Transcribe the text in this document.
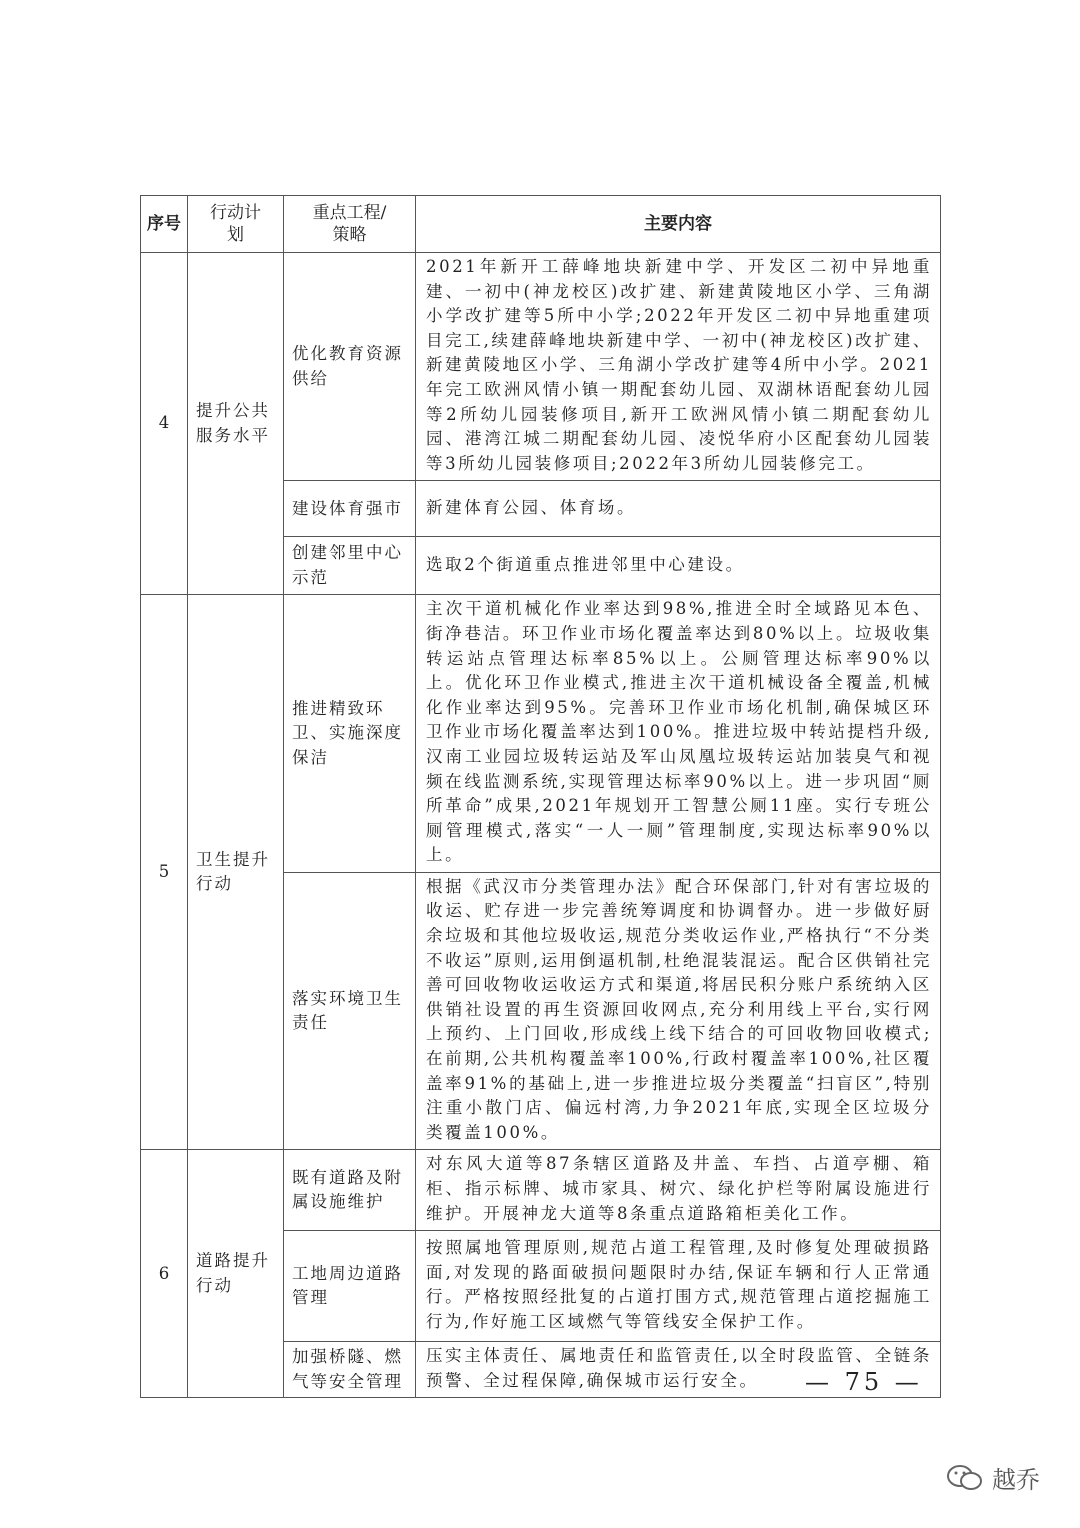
序号	行动计划	重点工程/策略	主要内容
4	提升公共服务水平	优化教育资源供给	2021年新开工薛峰地块新建中学、开发区二初中异地重建、一初中(神龙校区)改扩建、新建黄陵地区小学、三角湖小学改扩建等5所中小学;2022年开发区二初中异地重建项目完工,续建薛峰地块新建中学、一初中(神龙校区)改扩建、新建黄陵地区小学、三角湖小学改扩建等4所中小学。2021年完工欧洲风情小镇一期配套幼儿园、双湖林语配套幼儿园等2所幼儿园装修项目,新开工欧洲风情小镇二期配套幼儿园、港湾江城二期配套幼儿园、凌悦华府小区配套幼儿园装等3所幼儿园装修项目;2022年3所幼儿园装修完工。
		建设体育强市	新建体育公园、体育场。
		创建邻里中心示范	选取2个街道重点推进邻里中心建设。
5	卫生提升行动	推进精致环卫、实施深度保洁	主次干道机械化作业率达到98%,推进全时全域路见本色、街净巷洁。环卫作业市场化覆盖率达到80%以上。垃圾收集转运站点管理达标率85%以上。公厕管理达标率90%以上。优化环卫作业模式,推进主次干道机械设备全覆盖,机械化作业率达到95%。完善环卫作业市场化机制,确保城区环卫作业市场化覆盖率达到100%。推进垃圾中转站提档升级,汉南工业园垃圾转运站及军山凤凰垃圾转运站加装臭气和视频在线监测系统,实现管理达标率90%以上。进一步巩固“厕所革命”成果,2021年规划开工智慧公厕11座。实行专班公厕管理模式,落实“一人一厕”管理制度,实现达标率90%以上。
		落实环境卫生责任	根据《武汉市分类管理办法》配合环保部门,针对有害垃圾的收运、贮存进一步完善统筹调度和协调督办。进一步做好厨余垃圾和其他垃圾收运,规范分类收运作业,严格执行“不分类不收运”原则,运用倒逼机制,杜绝混装混运。配合区供销社完善可回收物收运收运方式和渠道,将居民积分账户系统纳入区供销社设置的再生资源回收网点,充分利用线上平台,实行网上预约、上门回收,形成线上线下结合的可回收物回收模式;在前期,公共机构覆盖率100%,行政村覆盖率100%,社区覆盖率91%的基础上,进一步推进垃圾分类覆盖“扫盲区”,特别注重小散门店、偏远村湾,力争2021年底,实现全区垃圾分类覆盖100%。
6	道路提升行动	既有道路及附属设施维护	对东风大道等87条辖区道路及井盖、车挡、占道亭棚、箱柜、指示标牌、城市家具、树穴、绿化护栏等附属设施进行维护。开展神龙大道等8条重点道路箱柜美化工作。
		工地周边道路管理	按照属地管理原则,规范占道工程管理,及时修复处理破损路面,对发现的路面破损问题限时办结,保证车辆和行人正常通行。严格按照经批复的占道打围方式,规范管理占道挖掘施工行为,作好施工区域燃气等管线安全保护工作。
		加强桥隧、燃气等安全管理	压实主体责任、属地责任和监管责任,以全时段监管、全链条预警、全过程保障,确保城市运行安全。 — 75 —
越乔
